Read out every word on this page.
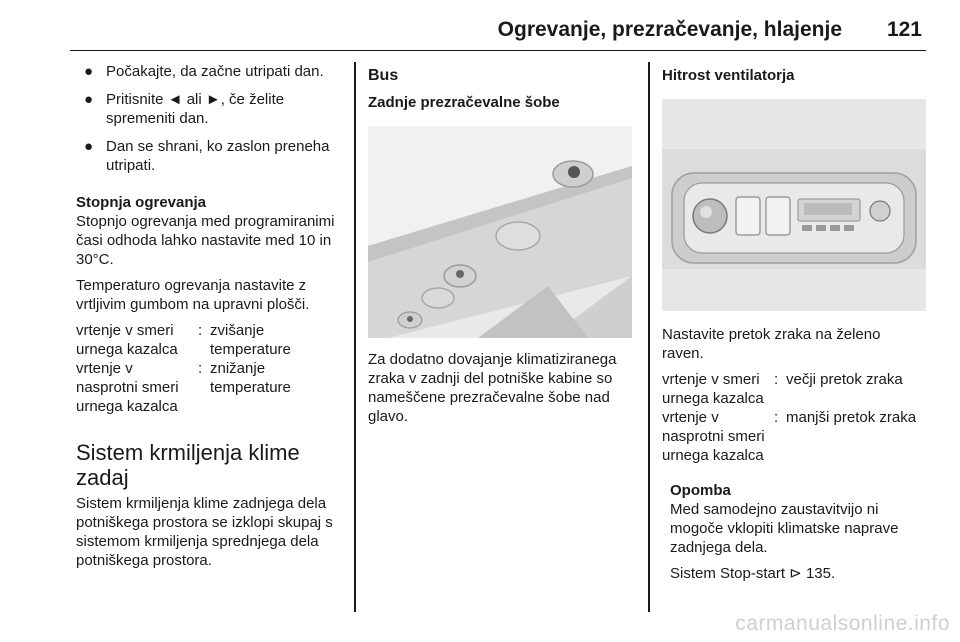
Ogrevanje, prezračevanje, hlajenje 121
● Počakajte, da začne utripati dan.
● Pritisnite ◄ ali ►, če želite spremeniti dan.
● Dan se shrani, ko zaslon preneha utripati.

Stopnja ogrevanja

Stopnjo ogrevanja med programiranimi časi odhoda lahko nastavite med 10 in 30°C.

Temperaturo ogrevanja nastavite z vrtljivim gumbom na upravni plošči.

vrtenje v smeri urnega kazalca

: zvišanje temperature

vrtenje v nasprotni smeri urnega kazalca

: znižanje temperature

Sistem krmiljenja klime zadaj

Sistem krmiljenja klime zadnjega dela potniškega prostora se izklopi skupaj s sistemom krmiljenja sprednjega dela potniškega prostora.

Bus

Zadnje prezračevalne šobe

Za dodatno dovajanje klimatiziranega zraka v zadnji del potniške kabine so nameščene prezračevalne šobe nad glavo.

Hitrost ventilatorja

Nastavite pretok zraka na želeno raven.

vrtenje v smeri urnega kazalca

: večji pretok zraka

vrtenje v nasprotni smeri urnega kazalca

: manjši pretok zraka

Opomba

Med samodejno zaustavitvijo ni mogoče vklopiti klimatske naprave zadnjega dela.

Sistem Stop-start ⊳ 135.

carmanualsonline.info
